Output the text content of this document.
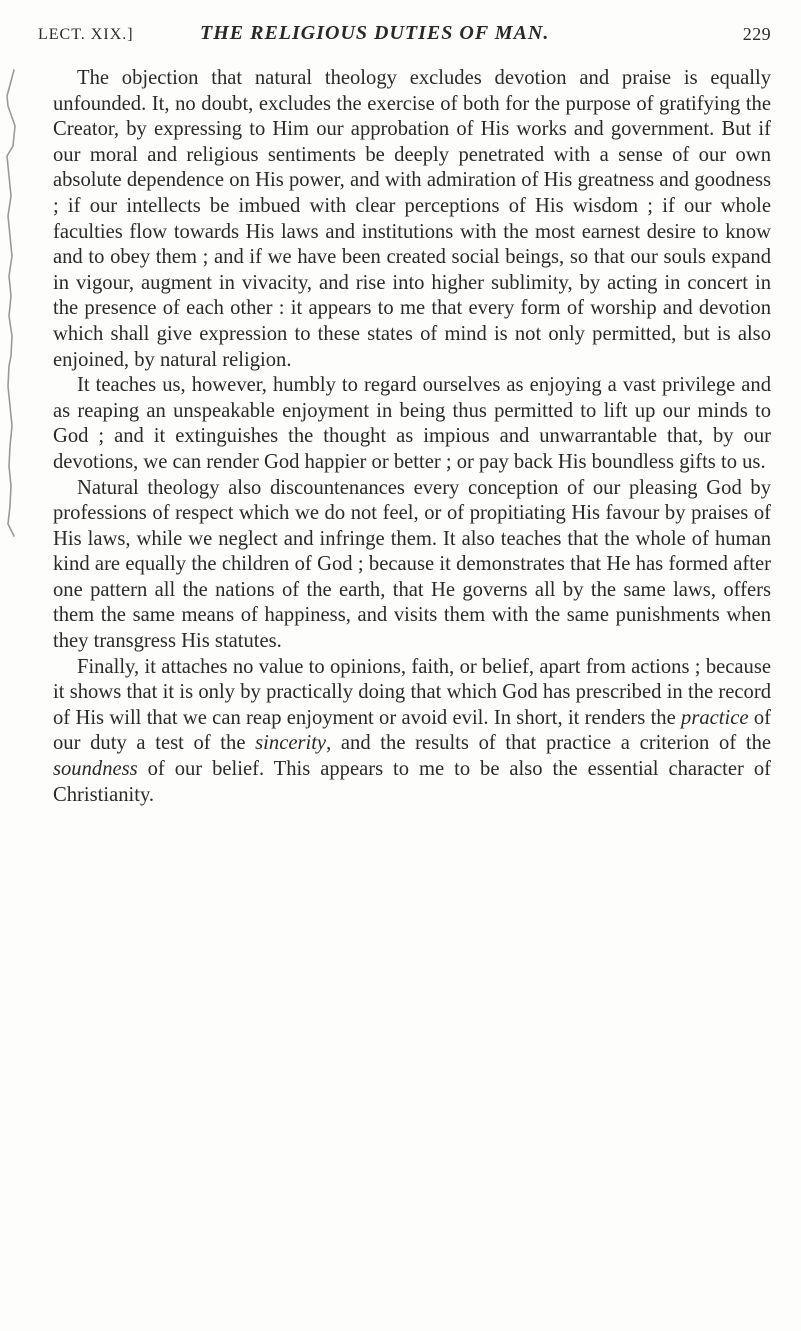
LECT. XIX.]	THE RELIGIOUS DUTIES OF MAN.	229

The objection that natural theology excludes devotion and praise is equally unfounded. It, no doubt, excludes the exercise of both for the purpose of gratifying the Creator, by expressing to Him our approbation of His works and government. But if our moral and religious sentiments be deeply penetrated with a sense of our own absolute dependence on His power, and with admiration of His greatness and goodness ; if our intellects be imbued with clear perceptions of His wisdom ; if our whole faculties flow towards His laws and institutions with the most earnest desire to know and to obey them ; and if we have been created social beings, so that our souls expand in vigour, augment in vivacity, and rise into higher sublimity, by acting in concert in the presence of each other : it appears to me that every form of worship and devotion which shall give expression to these states of mind is not only permitted, but is also enjoined, by natural religion.

It teaches us, however, humbly to regard ourselves as enjoying a vast privilege and as reaping an unspeakable enjoyment in being thus permitted to lift up our minds to God ; and it extinguishes the thought as impious and unwarrantable that, by our devotions, we can render God happier or better ; or pay back His boundless gifts to us.

Natural theology also discountenances every conception of our pleasing God by professions of respect which we do not feel, or of propitiating His favour by praises of His laws, while we neglect and infringe them. It also teaches that the whole of human kind are equally the children of God ; because it demonstrates that He has formed after one pattern all the nations of the earth, that He governs all by the same laws, offers them the same means of happiness, and visits them with the same punishments when they transgress His statutes.

Finally, it attaches no value to opinions, faith, or belief, apart from actions ; because it shows that it is only by practically doing that which God has prescribed in the record of His will that we can reap enjoyment or avoid evil. In short, it renders the practice of our duty a test of the sincerity, and the results of that practice a criterion of the soundness of our belief. This appears to me to be also the essential character of Christianity.
